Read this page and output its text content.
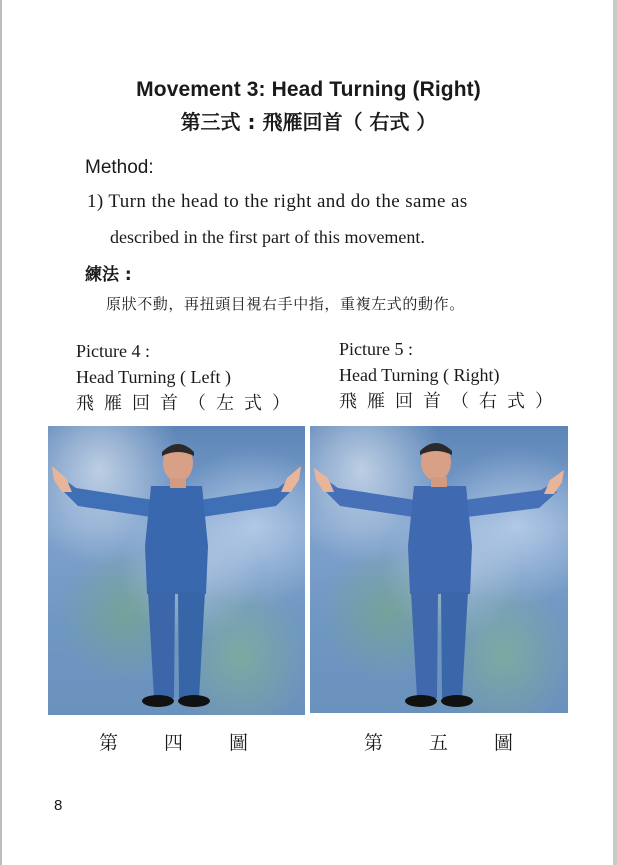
Movement 3: Head Turning (Right)
第三式 : 飛雁回首（ 右式 ）
Method:
1) Turn the head to the right and do the same as
described in the first part of this movement.
練法 :
原狀不動，再扭頭目視右手中指，重複左式的動作。
Picture 4 :
Head Turning ( Left )
飛雁回首（左式）
Picture 5 :
Head Turning ( Right)
飛雁回首（右式）
第 四 圖	第 五 圖
8
